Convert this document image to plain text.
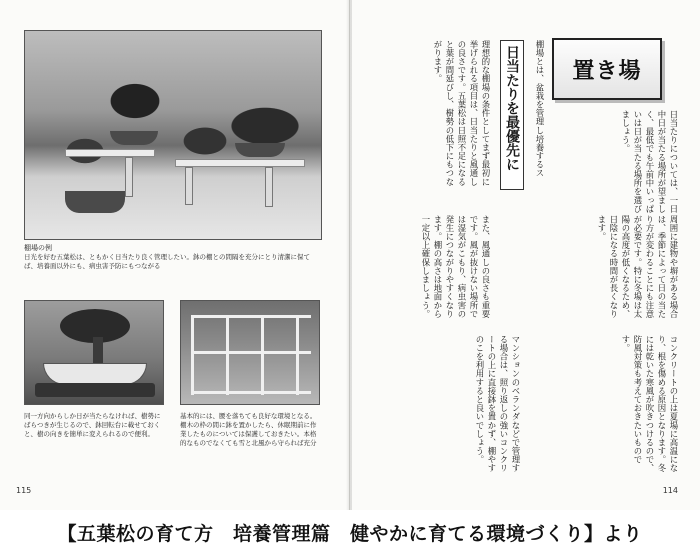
棚場の例
日光を好む五葉松は、ともかく日当たり良く管理したい。鉢の棚との間隔を充分にとり清潔に保てば、培養面以外にも、病虫害予防にもつながる
同一方向からしか日が当たらなければ、樹勢にばらつきが生じるので、鉢回転台に載せておくと、樹の向きを簡単に変えられるので便利。
基本的には、腰を落ちても良好な環境となる。棚木の枠の間に鉢を置かしたら、休眠期前に作業したものについては保護しておきたい。本格的なものでなくても雪と北風から守られば充分
115
棚場とは、盆栽を管理し培養するス
理想的な棚場の条件としてまず最初に挙げられる項目は、日当たりと風通しの良さです。五葉松は日照不足になると葉が間延びし、樹勢の低下にもつながります。
日当たりについては、一日中日が当たる場所が望ましく、最低でも午前中いっぱいは日が当たる場所を選びましょう。
また、風通しの良さも重要です。風が抜けない場所では湿気がこもり、病虫害の発生につながりやすくなります。棚の高さは地面から一定以上確保しましょう。	周囲に建物や塀がある場合は、季節によって日の当たり方が変わることにも注意が必要です。特に冬場は太陽の高度が低くなるため、日陰になる時間が長くなります。
マンションのベランダなどで管理する場合は、照り返しの強いコンクリートの上に直接鉢を置かず、棚やすのこを利用すると良いでしょう。	コンクリートの上は夏場に高温になり、根を傷める原因となります。冬には乾いた寒風が吹きつけるので、防風対策も考えておきたいものです。
日当たりを最優先に 置き場
114
【五葉松の育て方　培養管理篇　健やかに育てる環境づくり】より
